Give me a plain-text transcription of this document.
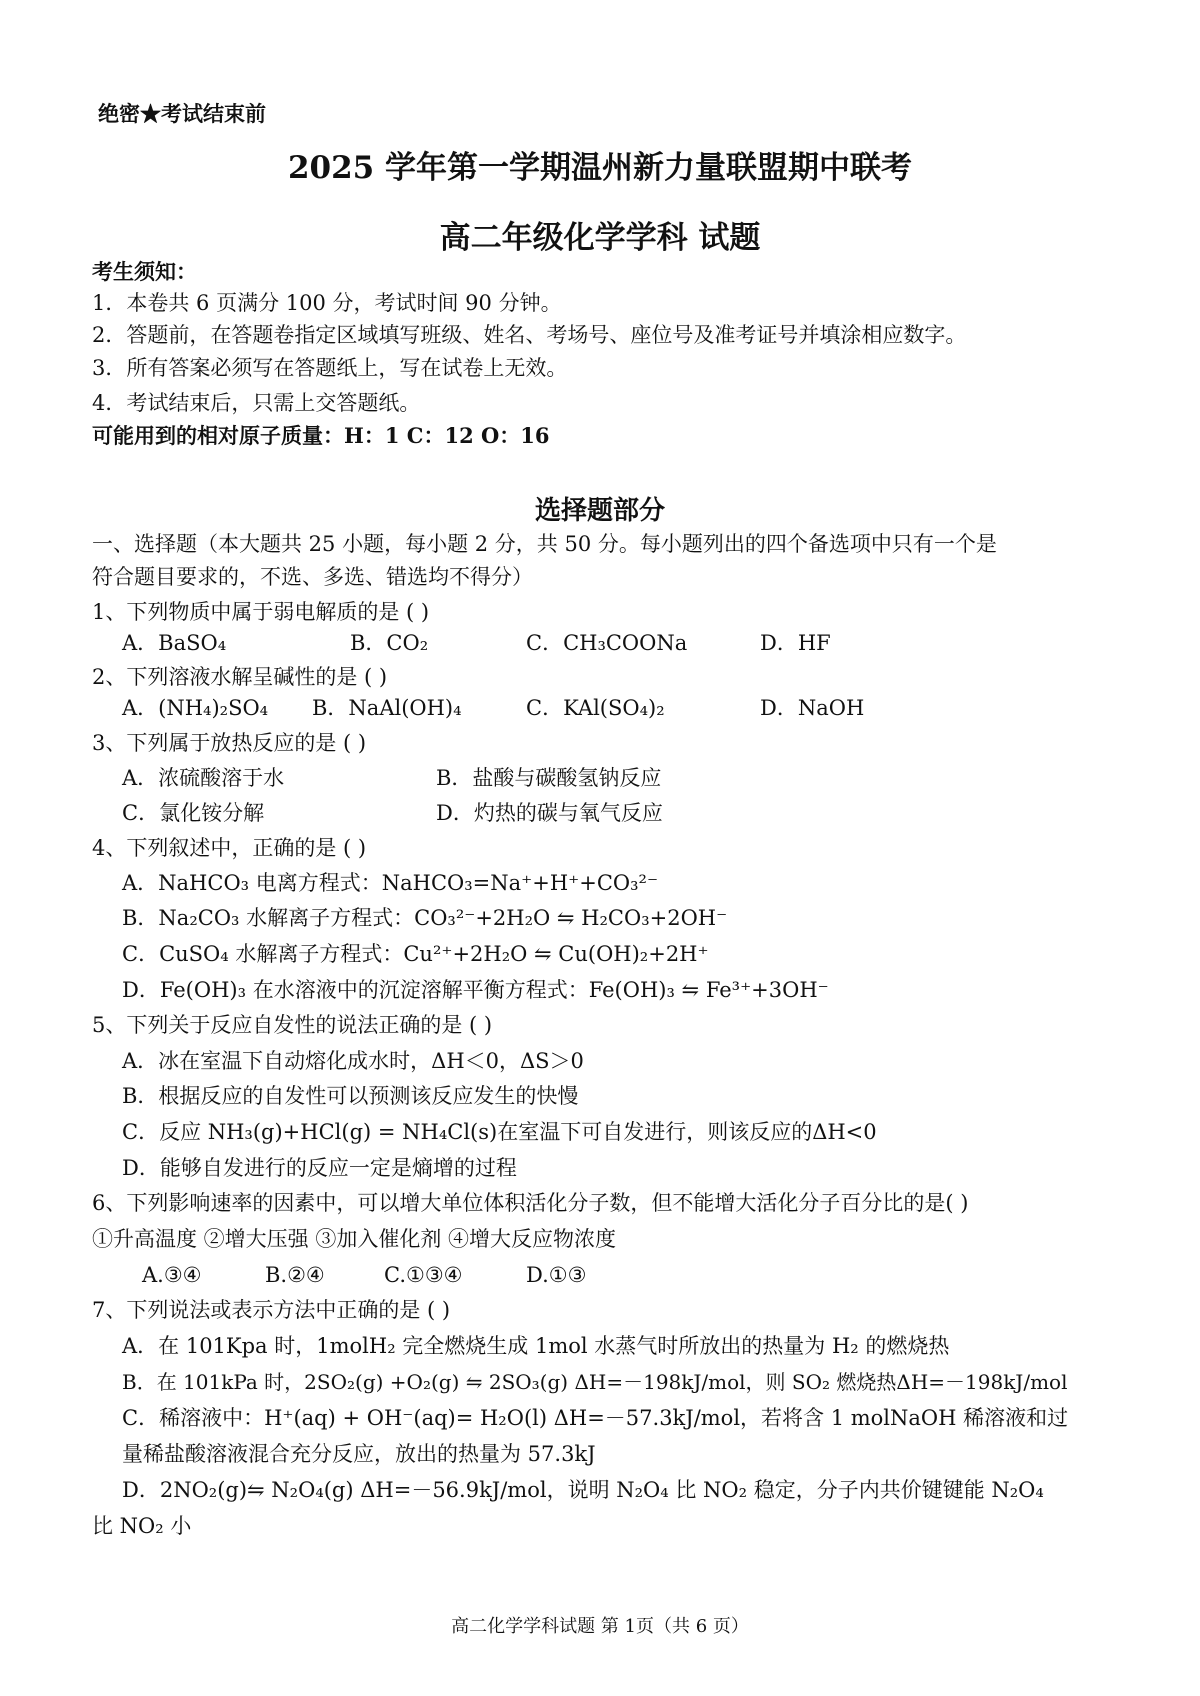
绝密★考试结束前
2025 学年第一学期温州新力量联盟期中联考
高二年级化学学科 试题
考生须知：
1．本卷共 6 页满分 100 分，考试时间 90 分钟。
2．答题前，在答题卷指定区域填写班级、姓名、考场号、座位号及准考证号并填涂相应数字。
3．所有答案必须写在答题纸上，写在试卷上无效。
4．考试结束后，只需上交答题纸。
可能用到的相对原子质量：H：1 C：12 O：16
选择题部分
一、选择题（本大题共 25 小题，每小题 2 分，共 50 分。每小题列出的四个备选项中只有一个是
符合题目要求的，不选、多选、错选均不得分）
1、下列物质中属于弱电解质的是 ( )
A．BaSO₄	B．CO₂	C．CH₃COONa	D．HF
2、下列溶液水解呈碱性的是 ( )
A．(NH₄)₂SO₄ B．NaAl(OH)₄	C．KAl(SO₄)₂	D．NaOH
3、下列属于放热反应的是 ( )
A．浓硫酸溶于水	B．盐酸与碳酸氢钠反应
C．氯化铵分解	D．灼热的碳与氧气反应
4、下列叙述中，正确的是 ( )
A．NaHCO₃ 电离方程式：NaHCO₃=Na⁺+H⁺+CO₃²⁻
B．Na₂CO₃ 水解离子方程式：CO₃²⁻+2H₂O ⇋ H₂CO₃+2OH⁻
C．CuSO₄ 水解离子方程式：Cu²⁺+2H₂O ⇋ Cu(OH)₂+2H⁺
D．Fe(OH)₃ 在水溶液中的沉淀溶解平衡方程式：Fe(OH)₃ ⇋ Fe³⁺+3OH⁻
5、下列关于反应自发性的说法正确的是 ( )
A．冰在室温下自动熔化成水时，ΔH＜0，ΔS＞0
B．根据反应的自发性可以预测该反应发生的快慢
C．反应 NH₃(g)+HCl(g) = NH₄Cl(s)在室温下可自发进行，则该反应的ΔH<0
D．能够自发进行的反应一定是熵增的过程
6、下列影响速率的因素中，可以增大单位体积活化分子数，但不能增大活化分子百分比的是( )
①升高温度 ②增大压强 ③加入催化剂 ④增大反应物浓度
A.③④	B.②④	C.①③④	D.①③
7、下列说法或表示方法中正确的是 ( )
A．在 101Kpa 时，1molH₂ 完全燃烧生成 1mol 水蒸气时所放出的热量为 H₂ 的燃烧热
B．在 101kPa 时，2SO₂(g) +O₂(g) ⇋ 2SO₃(g) ΔH=－198kJ/mol，则 SO₂ 燃烧热ΔH=－198kJ/mol
C．稀溶液中：H⁺(aq) + OH⁻(aq)= H₂O(l) ΔH=－57.3kJ/mol，若将含 1 molNaOH 稀溶液和过
量稀盐酸溶液混合充分反应，放出的热量为 57.3kJ
D．2NO₂(g)⇋ N₂O₄(g) ΔH=－56.9kJ/mol，说明 N₂O₄ 比 NO₂ 稳定，分子内共价键键能 N₂O₄
比 NO₂ 小
高二化学学科试题 第 1页（共 6 页）
